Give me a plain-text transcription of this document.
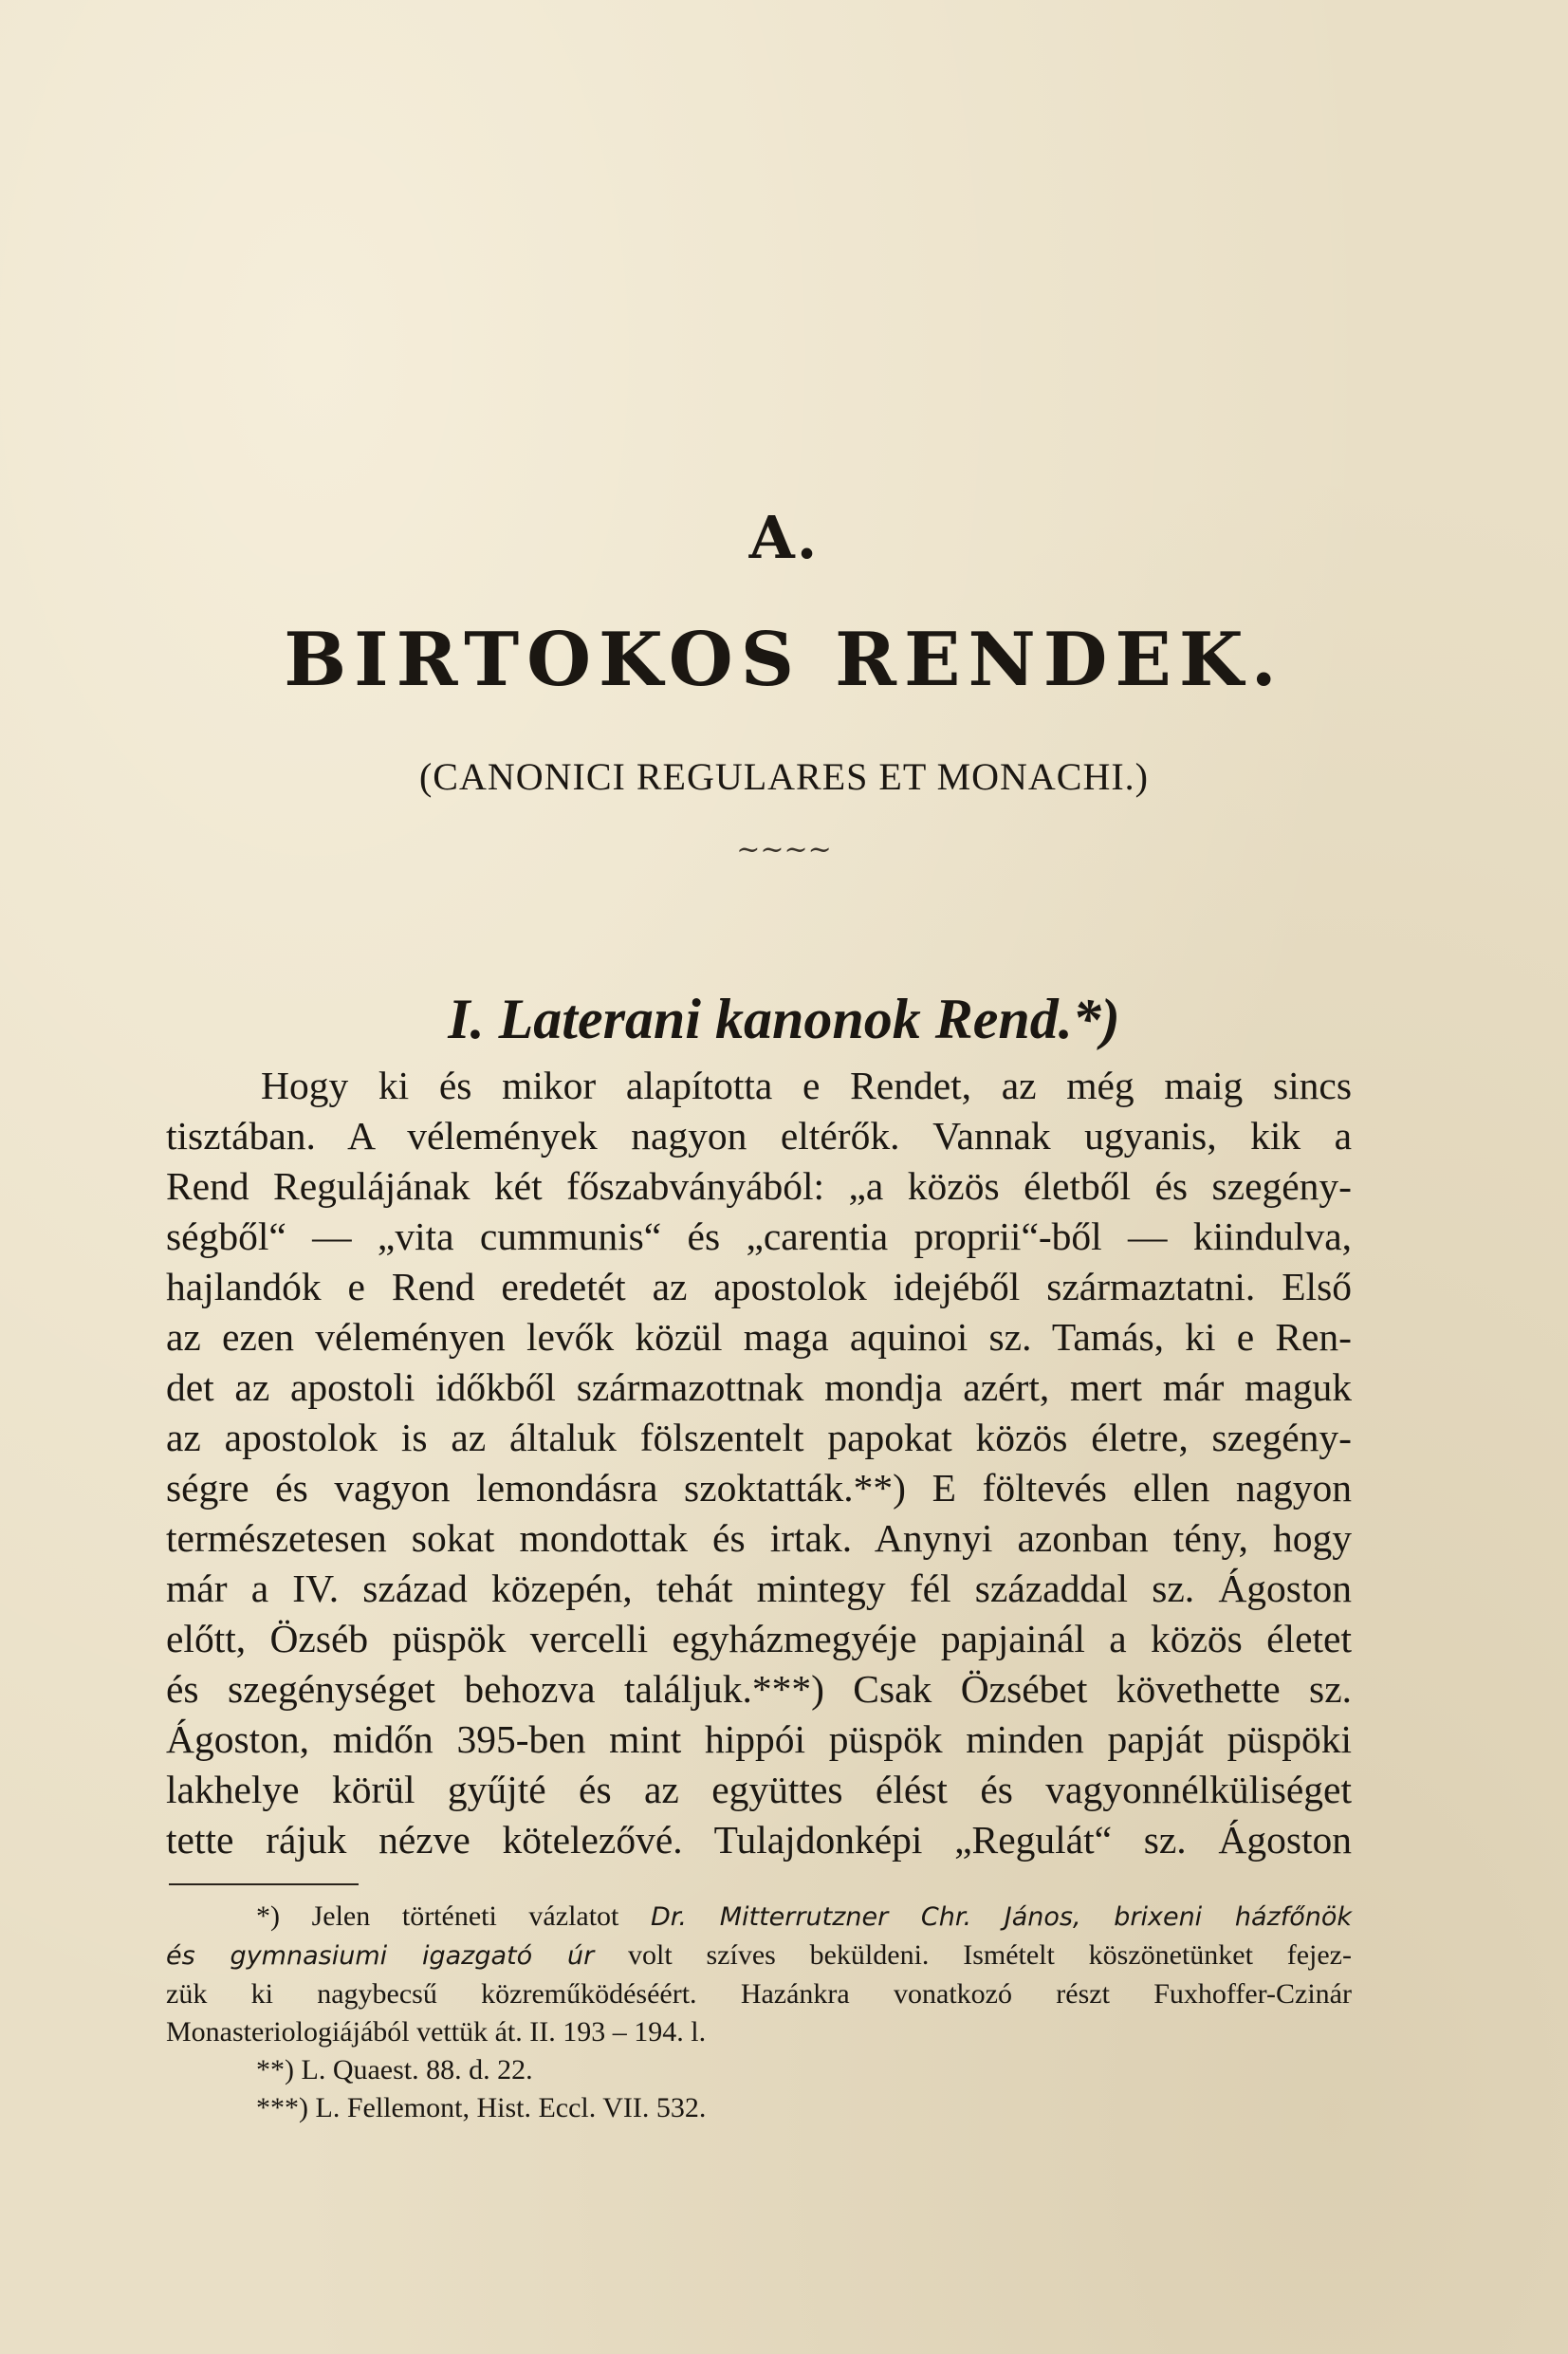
A.
BIRTOKOS RENDEK.
(CANONICI REGULARES ET MONACHI.)
~~~~
I. Laterani kanonok Rend.*)
Hogy ki és mikor alapította e Rendet, az még maig sincs
tisztában. A vélemények nagyon eltérők. Vannak ugyanis, kik a
Rend Regulájának két főszabványából: „a közös életből és szegény-
ségből“ — „vita cummunis“ és „carentia proprii“-ből — kiindulva,
hajlandók e Rend eredetét az apostolok idejéből származtatni. Első
az ezen véleményen levők közül maga aquinoi sz. Tamás, ki e Ren-
det az apostoli időkből származottnak mondja azért, mert már maguk
az apostolok is az általuk fölszentelt papokat közös életre, szegény-
ségre és vagyon lemondásra szoktatták.**) E föltevés ellen nagyon
természetesen sokat mondottak és irtak. Anynyi azonban tény, hogy
már a IV. század közepén, tehát mintegy fél századdal sz. Ágoston
előtt, Özséb püspök vercelli egyházmegyéje papjainál a közös életet
és szegénységet behozva találjuk.***) Csak Özsébet követhette sz.
Ágoston, midőn 395-ben mint hippói püspök minden papját püspöki
lakhelye körül gyűjté és az együttes élést és vagyonnélküliséget
tette rájuk nézve kötelezővé. Tulajdonképi „Regulát“ sz. Ágoston
*) Jelen történeti vázlatot Dr. Mitterrutzner Chr. János, brixeni házfőnök
és gymnasiumi igazgató úr volt szíves beküldeni. Ismételt köszönetünket fejez-
zük ki nagybecsű közreműködéséért. Hazánkra vonatkozó részt Fuxhoffer-Czinár
Monasteriologiájából vettük át. II. 193 – 194. l.
**) L. Quaest. 88. d. 22.
***) L. Fellemont, Hist. Eccl. VII. 532.
